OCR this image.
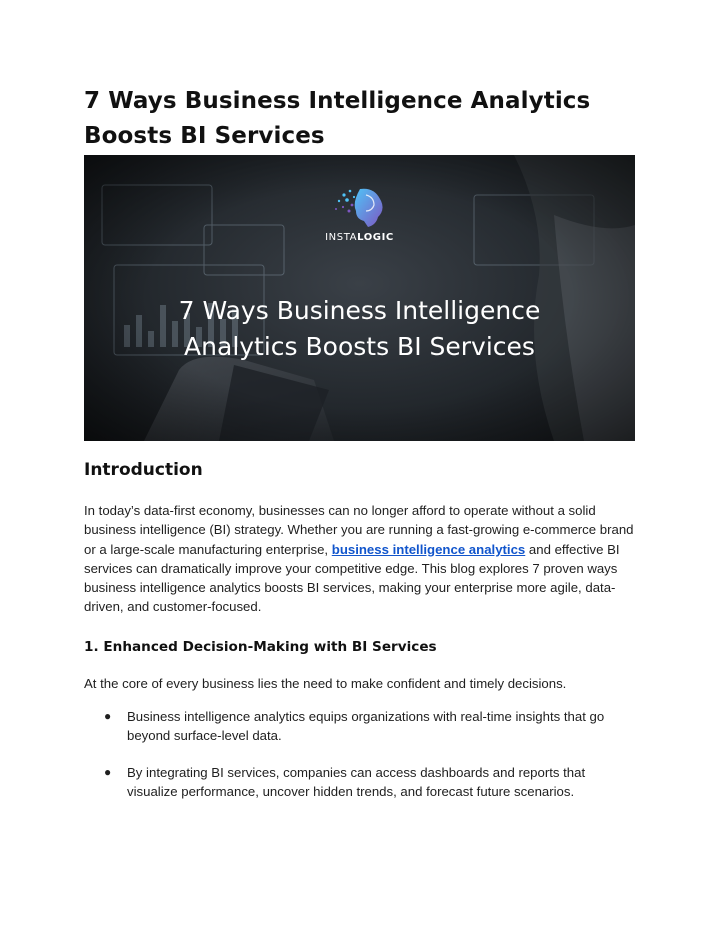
7 Ways Business Intelligence Analytics Boosts BI Services
INSTALOGIC
7 Ways Business Intelligence
Analytics Boosts BI Services
Introduction

In today’s data-first economy, businesses can no longer afford to operate without a solid business intelligence (BI) strategy. Whether you are running a fast-growing e-commerce brand or a large-scale manufacturing enterprise, business intelligence analytics and effective BI services can dramatically improve your competitive edge. This blog explores 7 proven ways business intelligence analytics boosts BI services, making your enterprise more agile, data-driven, and customer-focused.

1. Enhanced Decision-Making with BI Services

At the core of every business lies the need to make confident and timely decisions.

● Business intelligence analytics equips organizations with real-time insights that go beyond surface-level data.
● By integrating BI services, companies can access dashboards and reports that visualize performance, uncover hidden trends, and forecast future scenarios.
